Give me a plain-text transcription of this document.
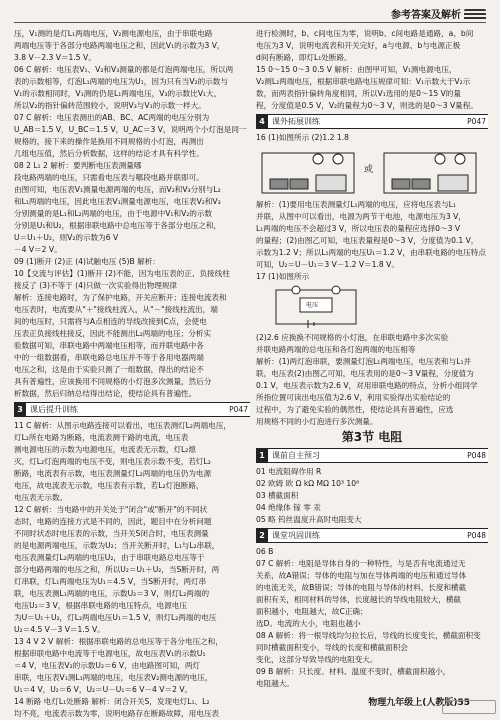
参考答案及解析

压，V₁测的是灯L₁两端电压，V₂测电源电压，由于串联电路

两端电压等于各部分电路两端电压之和，因此V₁的示数为3 V，

3.8 V－2.3 V＝1.5 V。

06 C 解析：电压表V₁、V₂和V₃测量的都是灯泡两端电压，所以两

表的示数相等，灯泡L₁两端的电压为U₁，因为只有当V₂的示数与

V₁的示数相同时，V₁测的仍是L₁两端电压，V₃的示数比V₁大，

所以V₂的指针偏转范围较小，说明V₃与V₁的示数一样大。

07 C 解析：电压表测出的AB、BC、AC两端的电压分别为

U_AB＝1.5 V，U_BC＝1.5 V，U_AC＝3 V，说明两个小灯泡是同一

规格的，接下来的操作是换用不同规格的小灯泡，再测出

几组电压值，然后分析数据，这样的结论才具有科学性。

08 2 L₁ 2 解析：要判断电压表测量哪

段电路两端的电压，只需看电压表与哪段电路并联即可。

由图可知，电压表V₁测量电源两端的电压，而V₂和V₃分别与L₂

和L₁两端的电压，因此电压表V₁测量电源电压，电压表V₂和V₃

分别测量的是L₁和L₂两端的电压，由于电源中V₁和V₂的示数

分别是U₁和U₂，根据串联电路中总电压等于各部分电压之和，

U＝U₁＋U₂，则V₂的示数为6 V

－4 V＝2 V。

09 (1)断开 (2)正 (4)试触电压 (5)B 解析：

10【交流与评估】(1)断开 (2)不能，因为电压表的正、负接线柱

接反了 (3)不等于 (4)只做一次实验得出物理规律

解析：连接电路时，为了保护电路，开关应断开；连接电流表和

电压表时，电流要从"＋"接线柱流入，从"－"接线柱流出，端

间的电压时，只需将与A点相连的导线改接到C点，会使电

压表正负接线柱接反，因此不能测出L₂两端的电压；分析实

验数据可知，串联电路中两端电压相等，而并联电路中各

中的一组数据看，串联电路总电压并不等于各用电器两端

电压之和，这是由于实验只测了一组数据，得出的结论不

具有普遍性，应该换用不同规格的小灯泡多次测量，然后分

析数据，然后归纳总结得出结论，使结论具有普遍性。

3 课后提升训练	P047

11 C 解析：从图示电路连接可以看出，电压表测灯L₂两端电压，

灯L₂所在电路为断路，电流表测干路的电流，电压表

测电源电压的示数为电源电压，电流表无示数，灯L₂熄

灭，灯L₂灯泡两端的电压不变，则电压表示数不变，若灯L₂

断路，电流表有示数，电压表测量灯L₂两端的电压仍为电源

电压，故电流表无示数，电压表有示数，若L₂灯泡断路，

电压表无示数。

12 C 解析：当电路中的开关处于"闭合"或"断开"的不同状

态时，电路的连接方式是不同的，因此，题目中在分析问题

不同时状态时电压表的示数，当开关S闭合时，电压表测量

的是电源两端电压，示数为U₂；当开关断开时，L₁与L₂串联，

电压表测量灯L₂两端的电压U₂，由于串联电路总电压等于

部分电路两端的电压之和，所以U₂＝U₁＋U₂，当S断开时，两

灯串联，灯L₁两端电压为U₁＝4.5 V，当S断开时，两灯串

联，电压表测L₁两端的电压，示数U₂＝3 V，则灯L₂两端的

电压U₂＝3 V，根据串联电路的电压特点，电源电压

为U＝U₁＋U₂，灯L₂两端电压U₁＝1.5 V，则灯L₂两端的电压

U₂＝4.5 V－3 V＝1.5 V。

13 4 V 2 V 解析：根据串联电路的总电压等于各分电压之和，

根据串联电路中电流等于电源电压，故电压表V₁的示数U₁

＝4 V，电压表V₂的示数U₂＝6 V，由电路图可知，两灯

串联，电压表V₁测L₁两端的电压，电压表V₂测电源的电压，

U₁＝4 V，U₂＝6 V，U₂＝U－U₁＝6 V－4 V＝2 V。

14 断路 电灯L₁处断路 解析：闭合开关S，发现电灯L₁、L₂

均不亮，电流表示数为零，说明电路存在断路故障，用电压表

进行检测时，b、c间电压为零，说明b、c间电路是通路，a、b间

电压为3 V，说明电流表和开关完好，a与电源、b与电源正极

d间有断路，即灯L₁处断路。

15 0～15 0～3 0.5 V 解析：由图甲可知，V₁测电源电压，

V₂测L₂两端电压，根据串联电路电压规律可知：V₁示数大于V₂示

数，而两表指针偏转角度相同，所以V₁选用的是0～15 V的量

程，分度值是0.5 V，V₂的量程为0～3 V，则选的是0～3 V量程。

4 课外拓展训练	P047

16 (1)如图所示 (2)1.2 1.8

或

解析：(1)要用电压表测量灯L₁两端的电压，应将电压表与L₁

并联，从图中可以看出，电源为两节干电池，电源电压为3 V，

L₁两端的电压不会超过3 V，所以电压表的量程应选择0～3 V

的量程；(2)由图乙可知，电压表量程是0～3 V，分度值为0.1 V，

示数为1.2 V；所以L₁两端的电压U₁＝1.2 V，由串联电路的电压特点

可知，U₂＝U－U₁＝3 V－1.2 V＝1.8 V。

17 (1)如图所示

电压

(2)2.6 应换换不同规格的小灯泡，在串联电路中多次实验

并联电路两端的总电压和各灯泡两端的电压相等

解析：(1)两灯泡串联，要测量灯泡L₁两端电压，电压表和与L₁并

联，电压表(2)由图乙可知，电压表用的是0～3 V量程，分度值为

0.1 V，电压表示数为2.6 V，对用串联电路的特点，分析小组同学

所指位置可读出电压值为2.6 V，利用实验得出实验结论的

过程中，为了避免实验的偶然性，使结论具有普遍性，应选

用规格不同的小灯泡进行多次测量。

第3节 电阻
1 课前自主预习	P048

01 电流阻碍作用 R

02 欧姆 欧 Ω kΩ MΩ 10³ 10⁶

03 横截面积

04 绝缘体 镓 零 汞

05 略 钨丝温度升高时电阻变大

2 课堂巩固训练	P048

06 B

07 C 解析：电阻是导体自身的一种特性，与是否有电流通过无

关系，故A错误；导体的电阻与加在导体两端的电压和通过导体

的电流无关，故B错误；导体的电阻与导体的材料、长度和横截

面积有关，相同材料的导体，长度越长的导线电阻较大，横截

面积越小，电阻越大，故C正确；

选D。电流的大小，电阻也越小

08 A 解析：将一根导线均匀拉长后，导线的长度变长，横截面积变

同时横截面积变小，导线的长度和横截面积会

变化，这部分导致导线的电阻变大。

09 B 解析：只长度、材料、温度不变时，横截面积越小，

电阻越大。

物理九年级上(人教版)55
